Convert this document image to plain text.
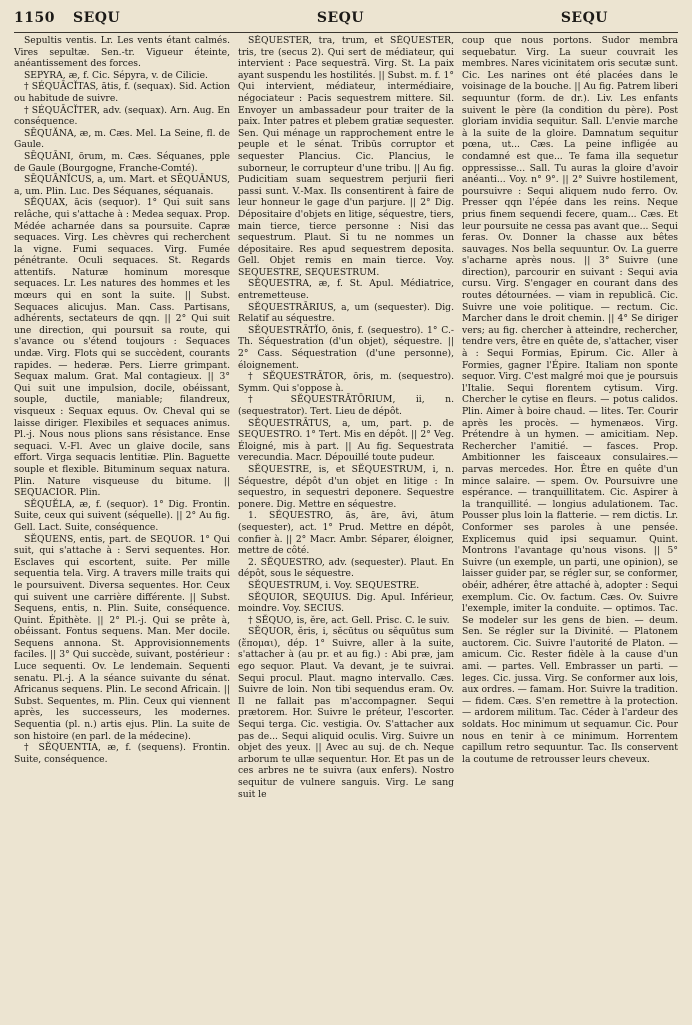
1150	SEQU	SEQU	SEQU

Sepultis ventis. Lr. Les vents étant calmés. Vires sepultæ. Sen.-tr. Vigueur éteinte, anéantissement des forces.

SEPYRA, æ, f. Cic. Sépyra, v. de Cilicie.

† SÉQUĀCĬTAS, ātis, f. (sequax). Sid. Action ou habitude de suivre.

† SÉQUĀCĬTER, adv. (sequax). Arn. Aug. En conséquence.

SĒQUĂNA, æ, m. Cæs. Mel. La Seine, fl. de Gaule.

SĒQUĀNI, ōrum, m. Cæs. Séquanes, pple de Gaule (Bourgogne, Franche-Comté).

SĒQUĀNĬCUS, a, um. Mart. et SĒQUĀNUS, a, um. Plin. Luc. Des Séquanes, séquanais.

SĔQUAX, ācis (sequor). 1° Qui suit sans relâche, qui s'attache à : Medea sequax. Prop. Médée acharnée dans sa poursuite. Capræ sequaces. Virg. Les chèvres qui recherchent la vigne. Fumi sequaces. Virg. Fumée pénétrante. Oculi sequaces. St. Regards attentifs. Naturæ hominum moresque sequaces. Lr. Les natures des hommes et les mœurs qui en sont la suite. || Subst. Sequaces alicujus. Man. Cass. Partisans, adhérents, sectateurs de qqn. || 2° Qui suit une direction, qui poursuit sa route, qui s'avance ou s'étend toujours : Sequaces undæ. Virg. Flots qui se succèdent, courants rapides. — hederæ. Pers. Lierre grimpant. Sequax malum. Grat. Mal contagieux. || 3° Qui suit une impulsion, docile, obéissant, souple, ductile, maniable; filandreux, visqueux : Sequax equus. Ov. Cheval qui se laisse diriger. Flexibiles et sequaces animus. Pl.-j. Nous nous plions sans résistance. Ense sequaci. V.-Fl. Avec un glaive docile, sans effort. Virga sequacis lentitiæ. Plin. Baguette souple et flexible. Bituminum sequax natura. Plin. Nature visqueuse du bitume. || SEQUACIOR. Plin.

SĔQUĔLA, æ, f. (sequor). 1° Dig. Frontin. Suite, ceux qui suivent (séquelle). || 2° Au fig. Gell. Lact. Suite, conséquence.

SĔQUENS, entis, part. de SEQUOR. 1° Qui suit, qui s'attache à : Servi sequentes. Hor. Esclaves qui escortent, suite. Per mille sequentia tela. Virg. A travers mille traits qui le poursuivent. Diversa sequentes. Hor. Ceux qui suivent une carrière différente. || Subst. Sequens, entis, n. Plin. Suite, conséquence. Quint. Épithète. || 2° Pl.-j. Qui se prête à, obéissant. Fontus sequens. Man. Mer docile. Sequens annona. St. Approvisionnements faciles. || 3° Qui succède, suivant, postérieur : Luce sequenti. Ov. Le lendemain. Sequenti senatu. Pl.-j. A la séance suivante du sénat. Africanus sequens. Plin. Le second Africain. || Subst. Sequentes, m. Plin. Ceux qui viennent après, les successeurs, les modernes. Sequentia (pl. n.) artis ejus. Plin. La suite de son histoire (en parl. de la médecine).

† SĔQUENTIA, æ, f. (sequens). Frontin. Suite, conséquence.

SĔQUESTER, tra, trum, et SĔQUESTER, tris, tre (secus 2). Qui sert de médiateur, qui intervient : Pace sequestrā. Virg. St. La paix ayant suspendu les hostilités. || Subst. m. f. 1° Qui intervient, médiateur, intermédiaire, négociateur : Pacis sequestrem mittere. Sil. Envoyer un ambassadeur pour traiter de la paix. Inter patres et plebem gratiæ sequester. Sen. Qui ménage un rapprochement entre le peuple et le sénat. Tribūs corruptor et sequester Plancius. Cic. Plancius, le suborneur, le corrupteur d'une tribu. || Au fig. Pudicitiam suam sequestrem perjurii fieri passi sunt. V.-Max. Ils consentirent à faire de leur honneur le gage d'un parjure. || 2° Dig. Dépositaire d'objets en litige, séquestre, tiers, main tierce, tierce personne : Nisi das sequestrum. Plaut. Si tu ne nommes un dépositaire. Res apud sequestrem deposita. Gell. Objet remis en main tierce. Voy. SEQUESTRE, SEQUESTRUM.

SĔQUESTRA, æ, f. St. Apul. Médiatrice, entremetteuse.

SĔQUESTRĀRIUS, a, um (sequester). Dig. Relatif au séquestre.

SĔQUESTRĀTĬO, ōnis, f. (sequestro). 1° C.-Th. Séquestration (d'un objet), séquestre. || 2° Cass. Séquestration (d'une personne), éloignement.

† SĔQUESTRĀTOR, ōris, m. (sequestro). Symm. Qui s'oppose à.

† SĔQUESTRĀTŌRIUM, ii, n. (sequestrator). Tert. Lieu de dépôt.

SĔQUESTRĀTUS, a, um, part. p. de SEQUESTRO. 1° Tert. Mis en dépôt. || 2° Veg. Éloigné, mis à part. || Au fig. Sequestrata verecundia. Macr. Dépouillé toute pudeur.

SĔQUESTRE, is, et SĔQUESTRUM, i, n. Séquestre, dépôt d'un objet en litige : In sequestro, in sequestri deponere. Sequestre ponere. Dig. Mettre en séquestre.

1. SĔQUESTRO, ās, āre, āvi, ātum (sequester), act. 1° Prud. Mettre en dépôt, confier à. || 2° Macr. Ambr. Séparer, éloigner, mettre de côté.

2. SĔQUESTRO, adv. (sequester). Plaut. En dépôt, sous le séquestre.

SĔQUESTRUM, i. Voy. SEQUESTRE.

SĔQUIOR, SEQUIUS. Dig. Apul. Inférieur, moindre. Voy. SECIUS.

† SĔQUO, is, ĕre, act. Gell. Prisc. C. le suiv.

SĔQUOR, ĕris, i, sĕcūtus ou sĕquūtus sum (ἕπομαι), dép. 1° Suivre, aller à la suite, s'attacher à (au pr. et au fig.) : Abi præ, jam ego sequor. Plaut. Va devant, je te suivrai. Sequi procul. Plaut. magno intervallo. Cæs. Suivre de loin. Non tibi sequendus eram. Ov. Il ne fallait pas m'accompagner. Sequi prætorem. Hor. Suivre le préteur, l'escorter. Sequi terga. Cic. vestigia. Ov. S'attacher aux pas de... Sequi aliquid oculis. Virg. Suivre un objet des yeux. || Avec au suj. de ch. Neque arborum te ullæ sequentur. Hor. Et pas un de ces arbres ne te suivra (aux enfers). Nostro sequitur de vulnere sanguis. Virg. Le sang suit le

coup que nous portons. Sudor membra sequebatur. Virg. La sueur couvrait les membres. Nares vicinitatem oris secutæ sunt. Cic. Les narines ont été placées dans le voisinage de la bouche. || Au fig. Patrem liberi sequuntur (form. de dr.). Liv. Les enfants suivent le père (la condition du père). Post gloriam invidia sequitur. Sall. L'envie marche à la suite de la gloire. Damnatum sequitur pœna, ut... Cæs. La peine infligée au condamné est que... Te fama illa sequetur oppressisse... Sall. Tu auras la gloire d'avoir anéanti... Voy. n° 9°. || 2° Suivre hostilement, poursuivre : Sequi aliquem nudo ferro. Ov. Presser qqn l'épée dans les reins. Neque prius finem sequendi fecere, quam... Cæs. Et leur poursuite ne cessa pas avant que... Sequi feras. Ov. Donner la chasse aux bêtes sauvages. Nos bella sequuntur. Ov. La guerre s'acharne après nous. || 3° Suivre (une direction), parcourir en suivant : Sequi avia cursu. Virg. S'engager en courant dans des routes détournées. — viam in republicā. Cic. Suivre une voie politique. — rectum. Cic. Marcher dans le droit chemin. || 4° Se diriger vers; au fig. chercher à atteindre, rechercher, tendre vers, être en quête de, s'attacher, viser à : Sequi Formias, Epirum. Cic. Aller à Formies, gagner l'Épire. Italiam non sponte sequor. Virg. C'est malgré moi que je poursuis l'Italie. Sequi florentem cytisum. Virg. Chercher le cytise en fleurs. — potus calidos. Plin. Aimer à boire chaud. — lites. Ter. Courir après les procès. — hymenæos. Virg. Prétendre à un hymen. — amicitiam. Nep. Rechercher l'amitié. — fasces. Prop. Ambitionner les faisceaux consulaires.— parvas mercedes. Hor. Être en quête d'un mince salaire. — spem. Ov. Poursuivre une espérance. — tranquillitatem. Cic. Aspirer à la tranquillité. — longius adulationem. Tac. Pousser plus loin la flatterie. — rem dictis. Lr. Conformer ses paroles à une pensée. Explicemus quid ipsi sequamur. Quint. Montrons l'avantage qu'nous visons. || 5° Suivre (un exemple, un parti, une opinion), se laisser guider par, se régler sur, se conformer, obéir, adhérer, être attaché à, adopter : Sequi exemplum. Cic. Ov. factum. Cæs. Ov. Suivre l'exemple, imiter la conduite. — optimos. Tac. Se modeler sur les gens de bien. — deum. Sen. Se régler sur la Divinité. — Platonem auctorem. Cic. Suivre l'autorité de Platon. — amicum. Cic. Rester fidèle à la cause d'un ami. — partes. Vell. Embrasser un parti. — leges. Cic. jussa. Virg. Se conformer aux lois, aux ordres. — famam. Hor. Suivre la tradition.— fidem. Cæs. S'en remettre à la protection. — ardorem militum. Tac. Céder à l'ardeur des soldats. Hoc minimum ut sequamur. Cic. Pour nous en tenir à ce minimum. Horrentem capillum retro sequuntur. Tac. Ils conservent la coutume de retrousser leurs cheveux.
